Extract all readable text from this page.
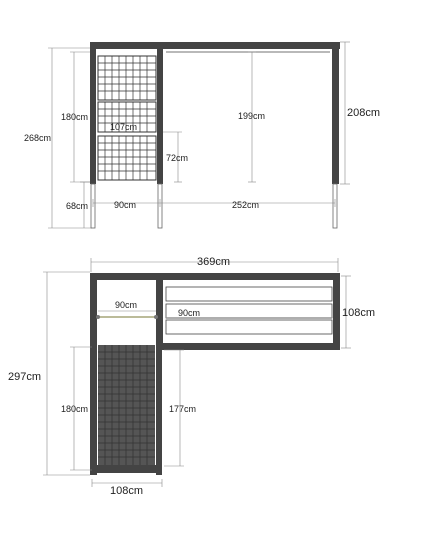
180cm
268cm
68cm
107cm
72cm
199cm	208cm
90cm	252cm
369cm
90cm
90cm	108cm
297cm
180cm	177cm
108cm
